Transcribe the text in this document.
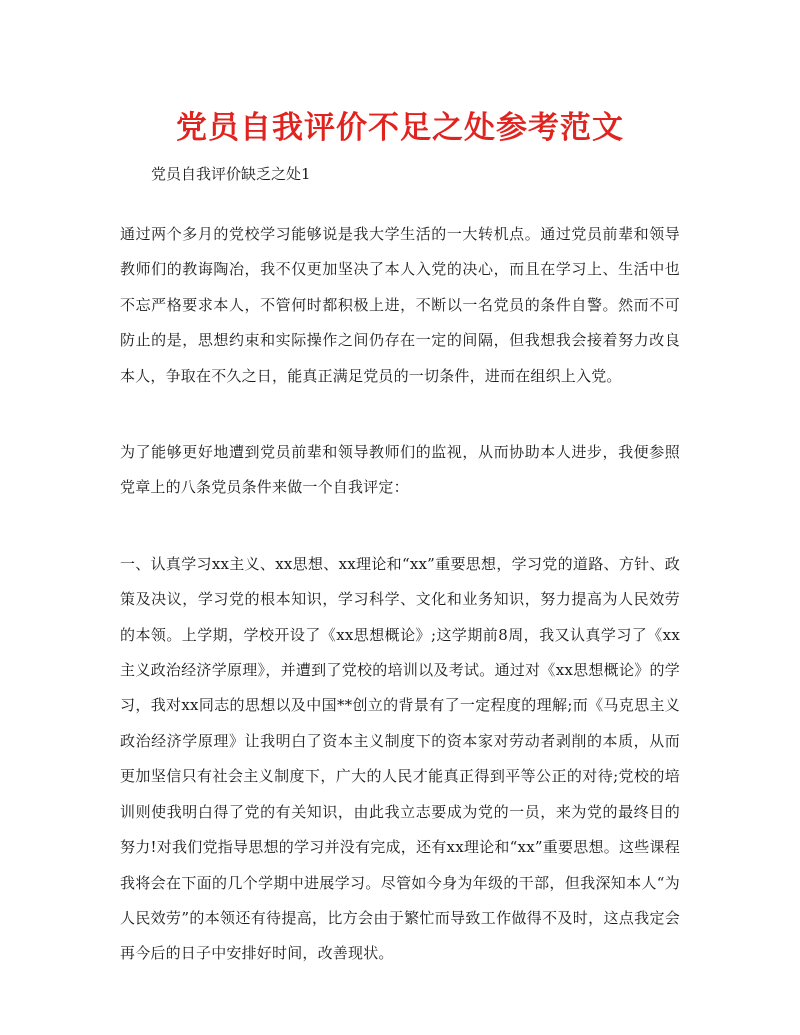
党员自我评价不足之处参考范文
党员自我评价缺乏之处1

通过两个多月的党校学习能够说是我大学生活的一大转机点。通过党员前辈和领导教师们的教诲陶冶，我不仅更加坚决了本人入党的决心，而且在学习上、生活中也不忘严格要求本人，不管何时都积极上进，不断以一名党员的条件自警。然而不可防止的是，思想约束和实际操作之间仍存在一定的间隔，但我想我会接着努力改良本人，争取在不久之日，能真正满足党员的一切条件，进而在组织上入党。

为了能够更好地遭到党员前辈和领导教师们的监视，从而协助本人进步，我便参照党章上的八条党员条件来做一个自我评定：

一、认真学习xx主义、xx思想、xx理论和“xx”重要思想，学习党的道路、方针、政策及决议，学习党的根本知识，学习科学、文化和业务知识，努力提高为人民效劳的本领。上学期，学校开设了《xx思想概论》;这学期前8周，我又认真学习了《xx主义政治经济学原理》，并遭到了党校的培训以及考试。通过对《xx思想概论》的学习，我对xx同志的思想以及中国**创立的背景有了一定程度的理解;而《马克思主义政治经济学原理》让我明白了资本主义制度下的资本家对劳动者剥削的本质，从而更加坚信只有社会主义制度下，广大的人民才能真正得到平等公正的对待;党校的培训则使我明白得了党的有关知识，由此我立志要成为党的一员，来为党的最终目的努力!对我们党指导思想的学习并没有完成，还有xx理论和“xx”重要思想。这些课程我将会在下面的几个学期中进展学习。尽管如今身为年级的干部，但我深知本人“为人民效劳”的本领还有待提高，比方会由于繁忙而导致工作做得不及时，这点我定会再今后的日子中安排好时间，改善现状。
